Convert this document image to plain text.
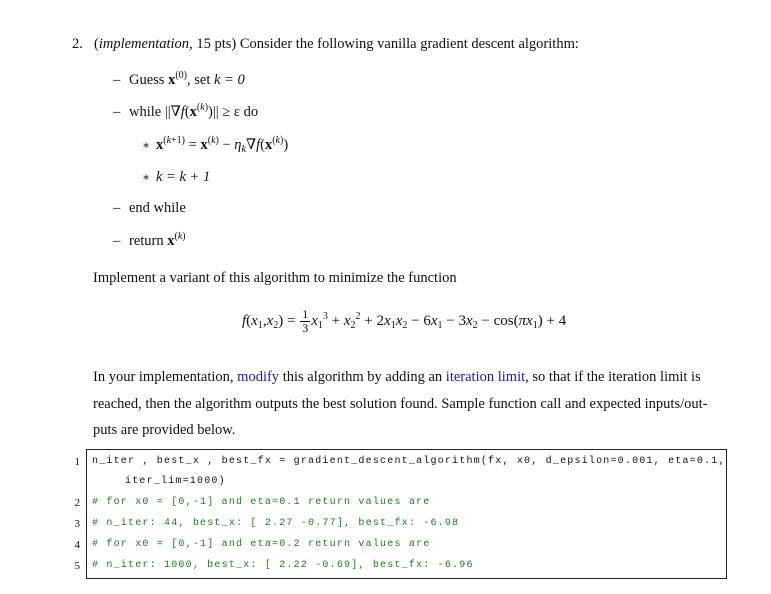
2. (implementation, 15 pts) Consider the following vanilla gradient descent algorithm:
– Guess $x^{(0)}$, set k = 0
– while $||\nabla f(x^{(k)})|| \ge \varepsilon$ do
∗ $x^{(k+1)} = x^{(k)} - \eta_k\nabla f(x^{(k)})$
∗ k = k + 1
– end while
– return $x^{(k)}$
Implement a variant of this algorithm to minimize the function
$f(x_1,x_2) = \frac{1}{3} x_1^3 + x_2^2 + 2x_1x_2 - 6x_1 - 3x_2 - \cos(\pi x_1) + 4$
In your implementation, modify this algorithm by adding an iteration limit, so that if the iteration limit is
reached, then the algorithm outputs the best solution found. Sample function call and expected inputs/out-
puts are provided below.
1
2
3
4
5
n_iter , best_x , best_fx = gradient_descent_algorithm(fx, x0, d_epsilon=0.001, eta=0.1,
iter_lim=1000)
# for x0 = [0,-1] and eta=0.1 return values are
# n_iter: 44, best_x: [ 2.27 -0.77], best_fx: -6.98
# for x0 = [0,-1] and eta=0.2 return values are
# n_iter: 1000, best_x: [ 2.22 -0.69], best_fx: -6.96
